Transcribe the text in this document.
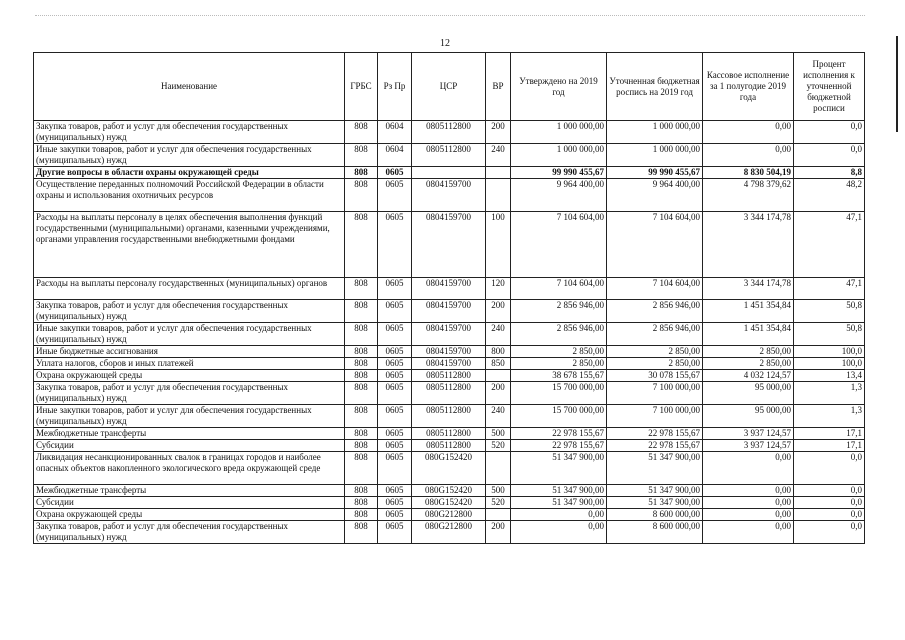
12
Наименование	ГРБС	Рз Пр	ЦСР	ВР	Утверждено на 2019 год	Уточненная бюджетная роспись на 2019 год	Кассовое исполнение за 1 полугодие 2019 года	Процент исполнения к уточненной бюджетной росписи
Закупка товаров, работ и услуг для обеспечения государственных (муниципальных) нужд	808	0604	0805112800	200	1 000 000,00	1 000 000,00	0,00	0,0
Иные закупки товаров, работ и услуг для обеспечения государственных (муниципальных) нужд	808	0604	0805112800	240	1 000 000,00	1 000 000,00	0,00	0,0
Другие вопросы в области охраны окружающей среды	808	0605			99 990 455,67	99 990 455,67	8 830 504,19	8,8
Осуществление переданных полномочий Российской Федерации в области охраны и использования охотничьих ресурсов	808	0605	0804159700		9 964 400,00	9 964 400,00	4 798 379,62	48,2
Расходы на выплаты персоналу в целях обеспечения выполнения функций государственными (муниципальными) органами, казенными учреждениями, органами управления государственными внебюджетными фондами	808	0605	0804159700	100	7 104 604,00	7 104 604,00	3 344 174,78	47,1
Расходы на выплаты персоналу государственных (муниципальных) органов	808	0605	0804159700	120	7 104 604,00	7 104 604,00	3 344 174,78	47,1
Закупка товаров, работ и услуг для обеспечения государственных (муниципальных) нужд	808	0605	0804159700	200	2 856 946,00	2 856 946,00	1 451 354,84	50,8
Иные закупки товаров, работ и услуг для обеспечения государственных (муниципальных) нужд	808	0605	0804159700	240	2 856 946,00	2 856 946,00	1 451 354,84	50,8
Иные бюджетные ассигнования	808	0605	0804159700	800	2 850,00	2 850,00	2 850,00	100,0
Уплата налогов, сборов и иных платежей	808	0605	0804159700	850	2 850,00	2 850,00	2 850,00	100,0
Охрана окружающей среды	808	0605	0805112800		38 678 155,67	30 078 155,67	4 032 124,57	13,4
Закупка товаров, работ и услуг для обеспечения государственных (муниципальных) нужд	808	0605	0805112800	200	15 700 000,00	7 100 000,00	95 000,00	1,3
Иные закупки товаров, работ и услуг для обеспечения государственных (муниципальных) нужд	808	0605	0805112800	240	15 700 000,00	7 100 000,00	95 000,00	1,3
Межбюджетные трансферты	808	0605	0805112800	500	22 978 155,67	22 978 155,67	3 937 124,57	17,1
Субсидии	808	0605	0805112800	520	22 978 155,67	22 978 155,67	3 937 124,57	17,1
Ликвидация несанкционированных свалок в границах городов и наиболее опасных объектов накопленного экологического вреда окружающей среде	808	0605	080G152420		51 347 900,00	51 347 900,00	0,00	0,0
Межбюджетные трансферты	808	0605	080G152420	500	51 347 900,00	51 347 900,00	0,00	0,0
Субсидии	808	0605	080G152420	520	51 347 900,00	51 347 900,00	0,00	0,0
Охрана окружающей среды	808	0605	080G212800		0,00	8 600 000,00	0,00	0,0
Закупка товаров, работ и услуг для обеспечения государственных (муниципальных) нужд	808	0605	080G212800	200	0,00	8 600 000,00	0,00	0,0
